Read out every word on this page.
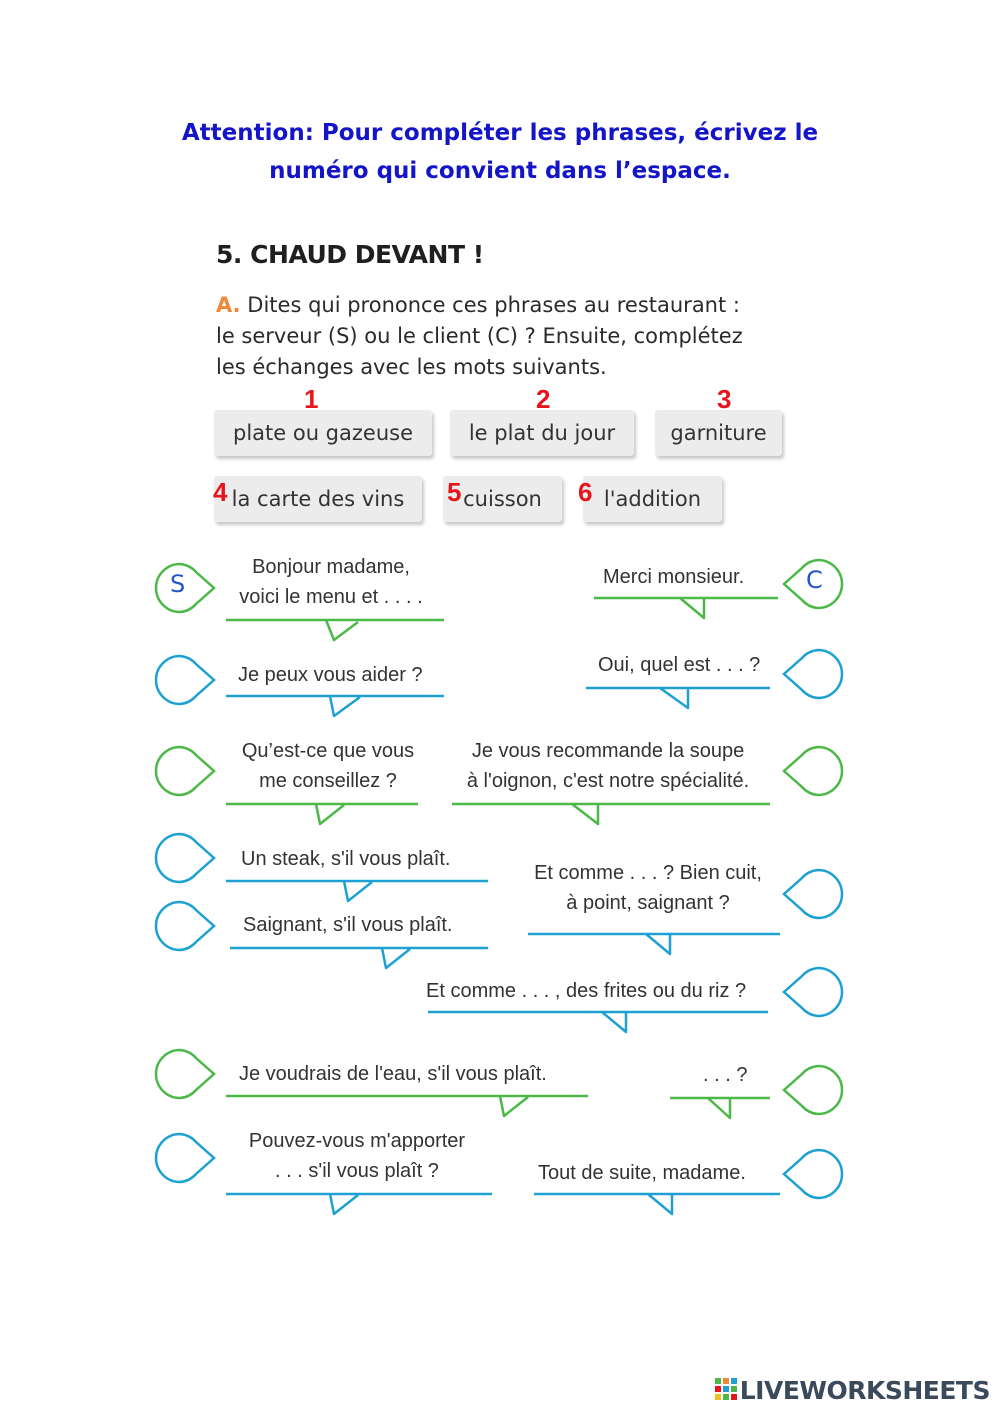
Attention: Pour compléter les phrases, écrivez le
numéro qui convient dans l’espace.
5. CHAUD DEVANT !
A. Dites qui prononce ces phrases au restaurant :
le serveur (S) ou le client (C) ? Ensuite, complétez
les échanges avec les mots suivants.
plate ou gazeuse	le plat du jour	garniture
la carte des vins	cuisson	l'addition
1	2	3
4	5	6
S	C
Bonjour madame,
voici le menu et . . . .
Merci monsieur.
Je peux vous aider ?	Oui, quel est . . . ?
Qu’est-ce que vous
me conseillez ?
Je vous recommande la soupe
à l'oignon, c'est notre spécialité.
Un steak, s'il vous plaît.
Et comme . . . ? Bien cuit,
à point, saignant ?
Saignant, s'il vous plaît.
Et comme . . . , des frites ou du riz ?
Je voudrais de l'eau, s'il vous plaît.	. . . ?
Pouvez-vous m'apporter
. . . s'il vous plaît ?	Tout de suite, madame.
LIVEWORKSHEETS
